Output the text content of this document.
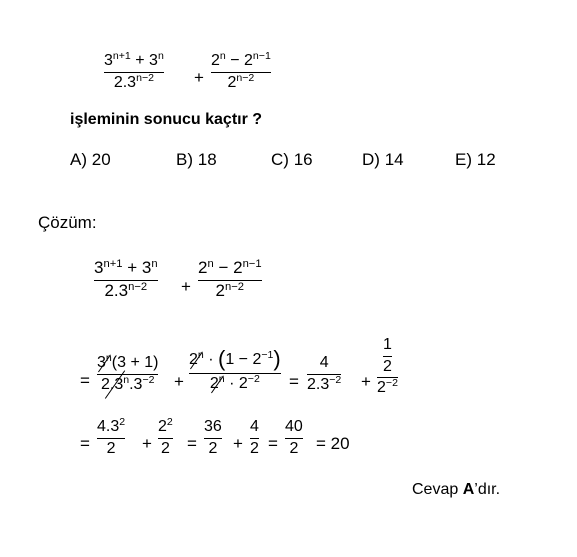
$3^{n+1} + 3^n$
$2.3^{n-2}$ +
$2^n - 2^{n-1}$
$2^{n-2}$
işleminin sonucu kaçtır ?
A) 20	B) 18	C) 16	D) 14	E) 12
Çözüm:
$3^{n+1} + 3^n$
$2.3^{n-2}$ +
$2^n - 2^{n-1}$
$2^{n-2}$
=
$3^n(3 + 1)$
$2.3^n.3^{-2}$ +
$2^n \cdot (1 - 2^{-1})$
$2^n \cdot 2^{-2}$ =
4
$2.3^{-2}$ +
$\frac{1}{2}$
$2^{-2}$
=
$4.3^2$
2 +
$2^2$
2 =
36
2 +
4
2 =
40
2 = 20
Cevap A’dır.
